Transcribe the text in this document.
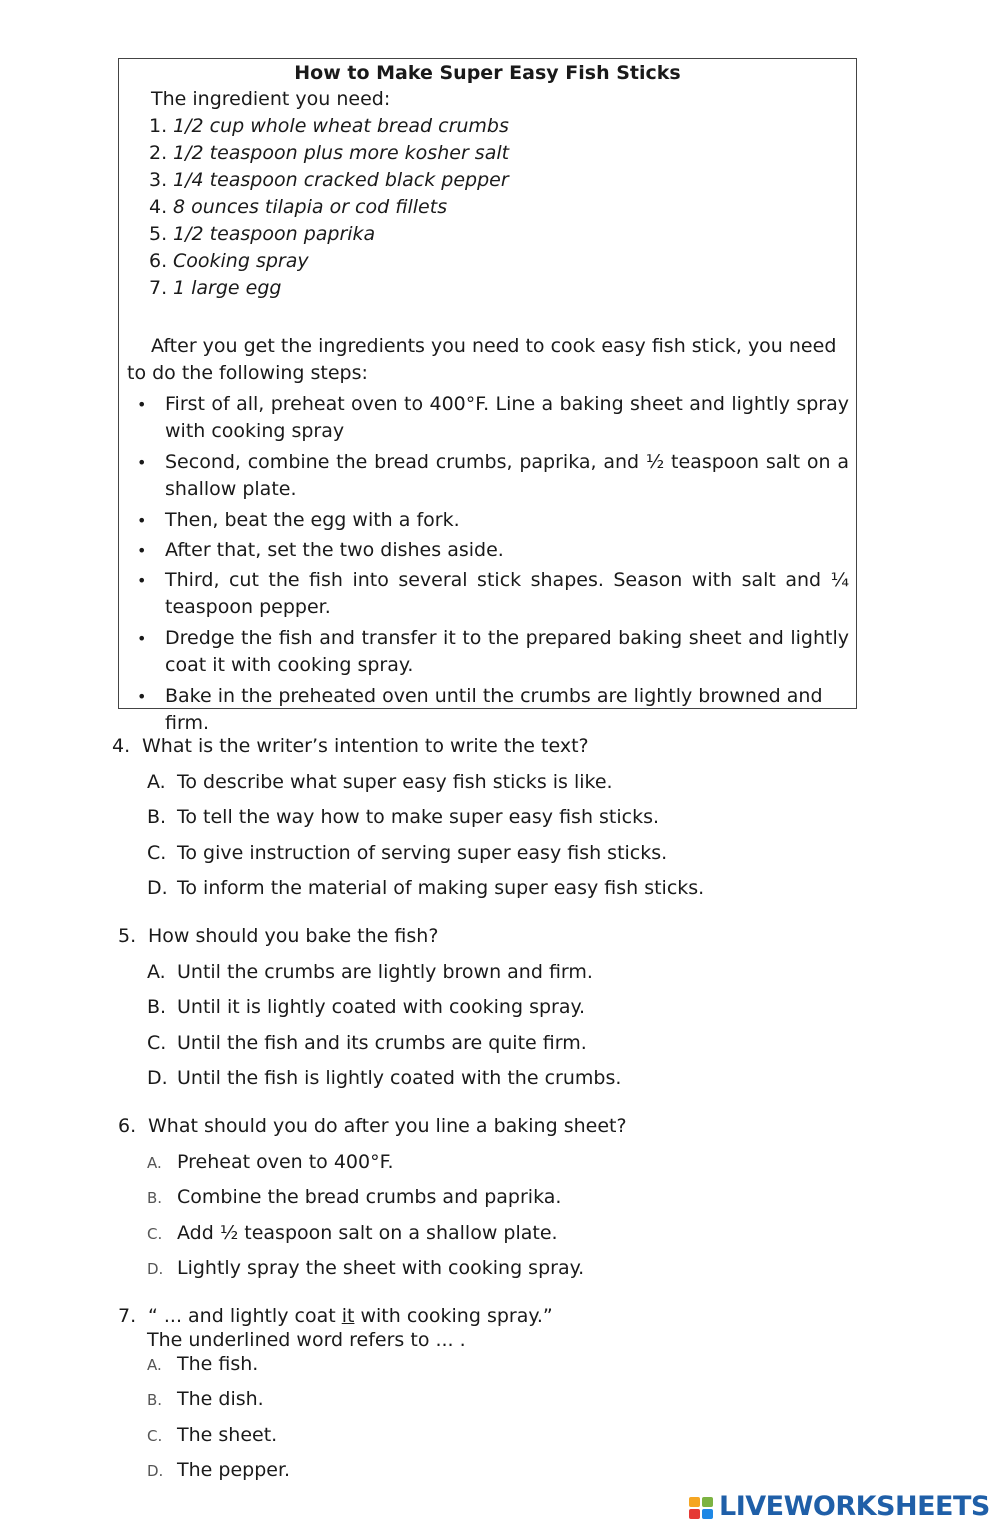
How to Make Super Easy Fish Sticks
The ingredient you need:
1. 1/2 cup whole wheat bread crumbs
2. 1/2 teaspoon plus more kosher salt
3. 1/4 teaspoon cracked black pepper
4. 8 ounces tilapia or cod fillets
5. 1/2 teaspoon paprika
6. Cooking spray
7. 1 large egg
After you get the ingredients you need to cook easy fish stick, you need to do the following steps:
• First of all, preheat oven to 400°F. Line a baking sheet and lightly spray with cooking spray
• Second, combine the bread crumbs, paprika, and ½ teaspoon salt on a shallow plate.
• Then, beat the egg with a fork.
• After that, set the two dishes aside.
• Third, cut the fish into several stick shapes. Season with salt and ¼ teaspoon pepper.
• Dredge the fish and transfer it to the prepared baking sheet and lightly coat it with cooking spray.
• Bake in the preheated oven until the crumbs are lightly browned and firm.
4. What is the writer’s intention to write the text?
A. To describe what super easy fish sticks is like.
B. To tell the way how to make super easy fish sticks.
C. To give instruction of serving super easy fish sticks.
D. To inform the material of making super easy fish sticks.
5. How should you bake the fish?
A. Until the crumbs are lightly brown and firm.
B. Until it is lightly coated with cooking spray.
C. Until the fish and its crumbs are quite firm.
D. Until the fish is lightly coated with the crumbs.
6. What should you do after you line a baking sheet?
A. Preheat oven to 400°F.
B. Combine the bread crumbs and paprika.
C. Add ½ teaspoon salt on a shallow plate.
D. Lightly spray the sheet with cooking spray.
7. “ ... and lightly coat it with cooking spray.”
The underlined word refers to ... .
A. The fish.
B. The dish.
C. The sheet.
D. The pepper.
LIVEWORKSHEETS
